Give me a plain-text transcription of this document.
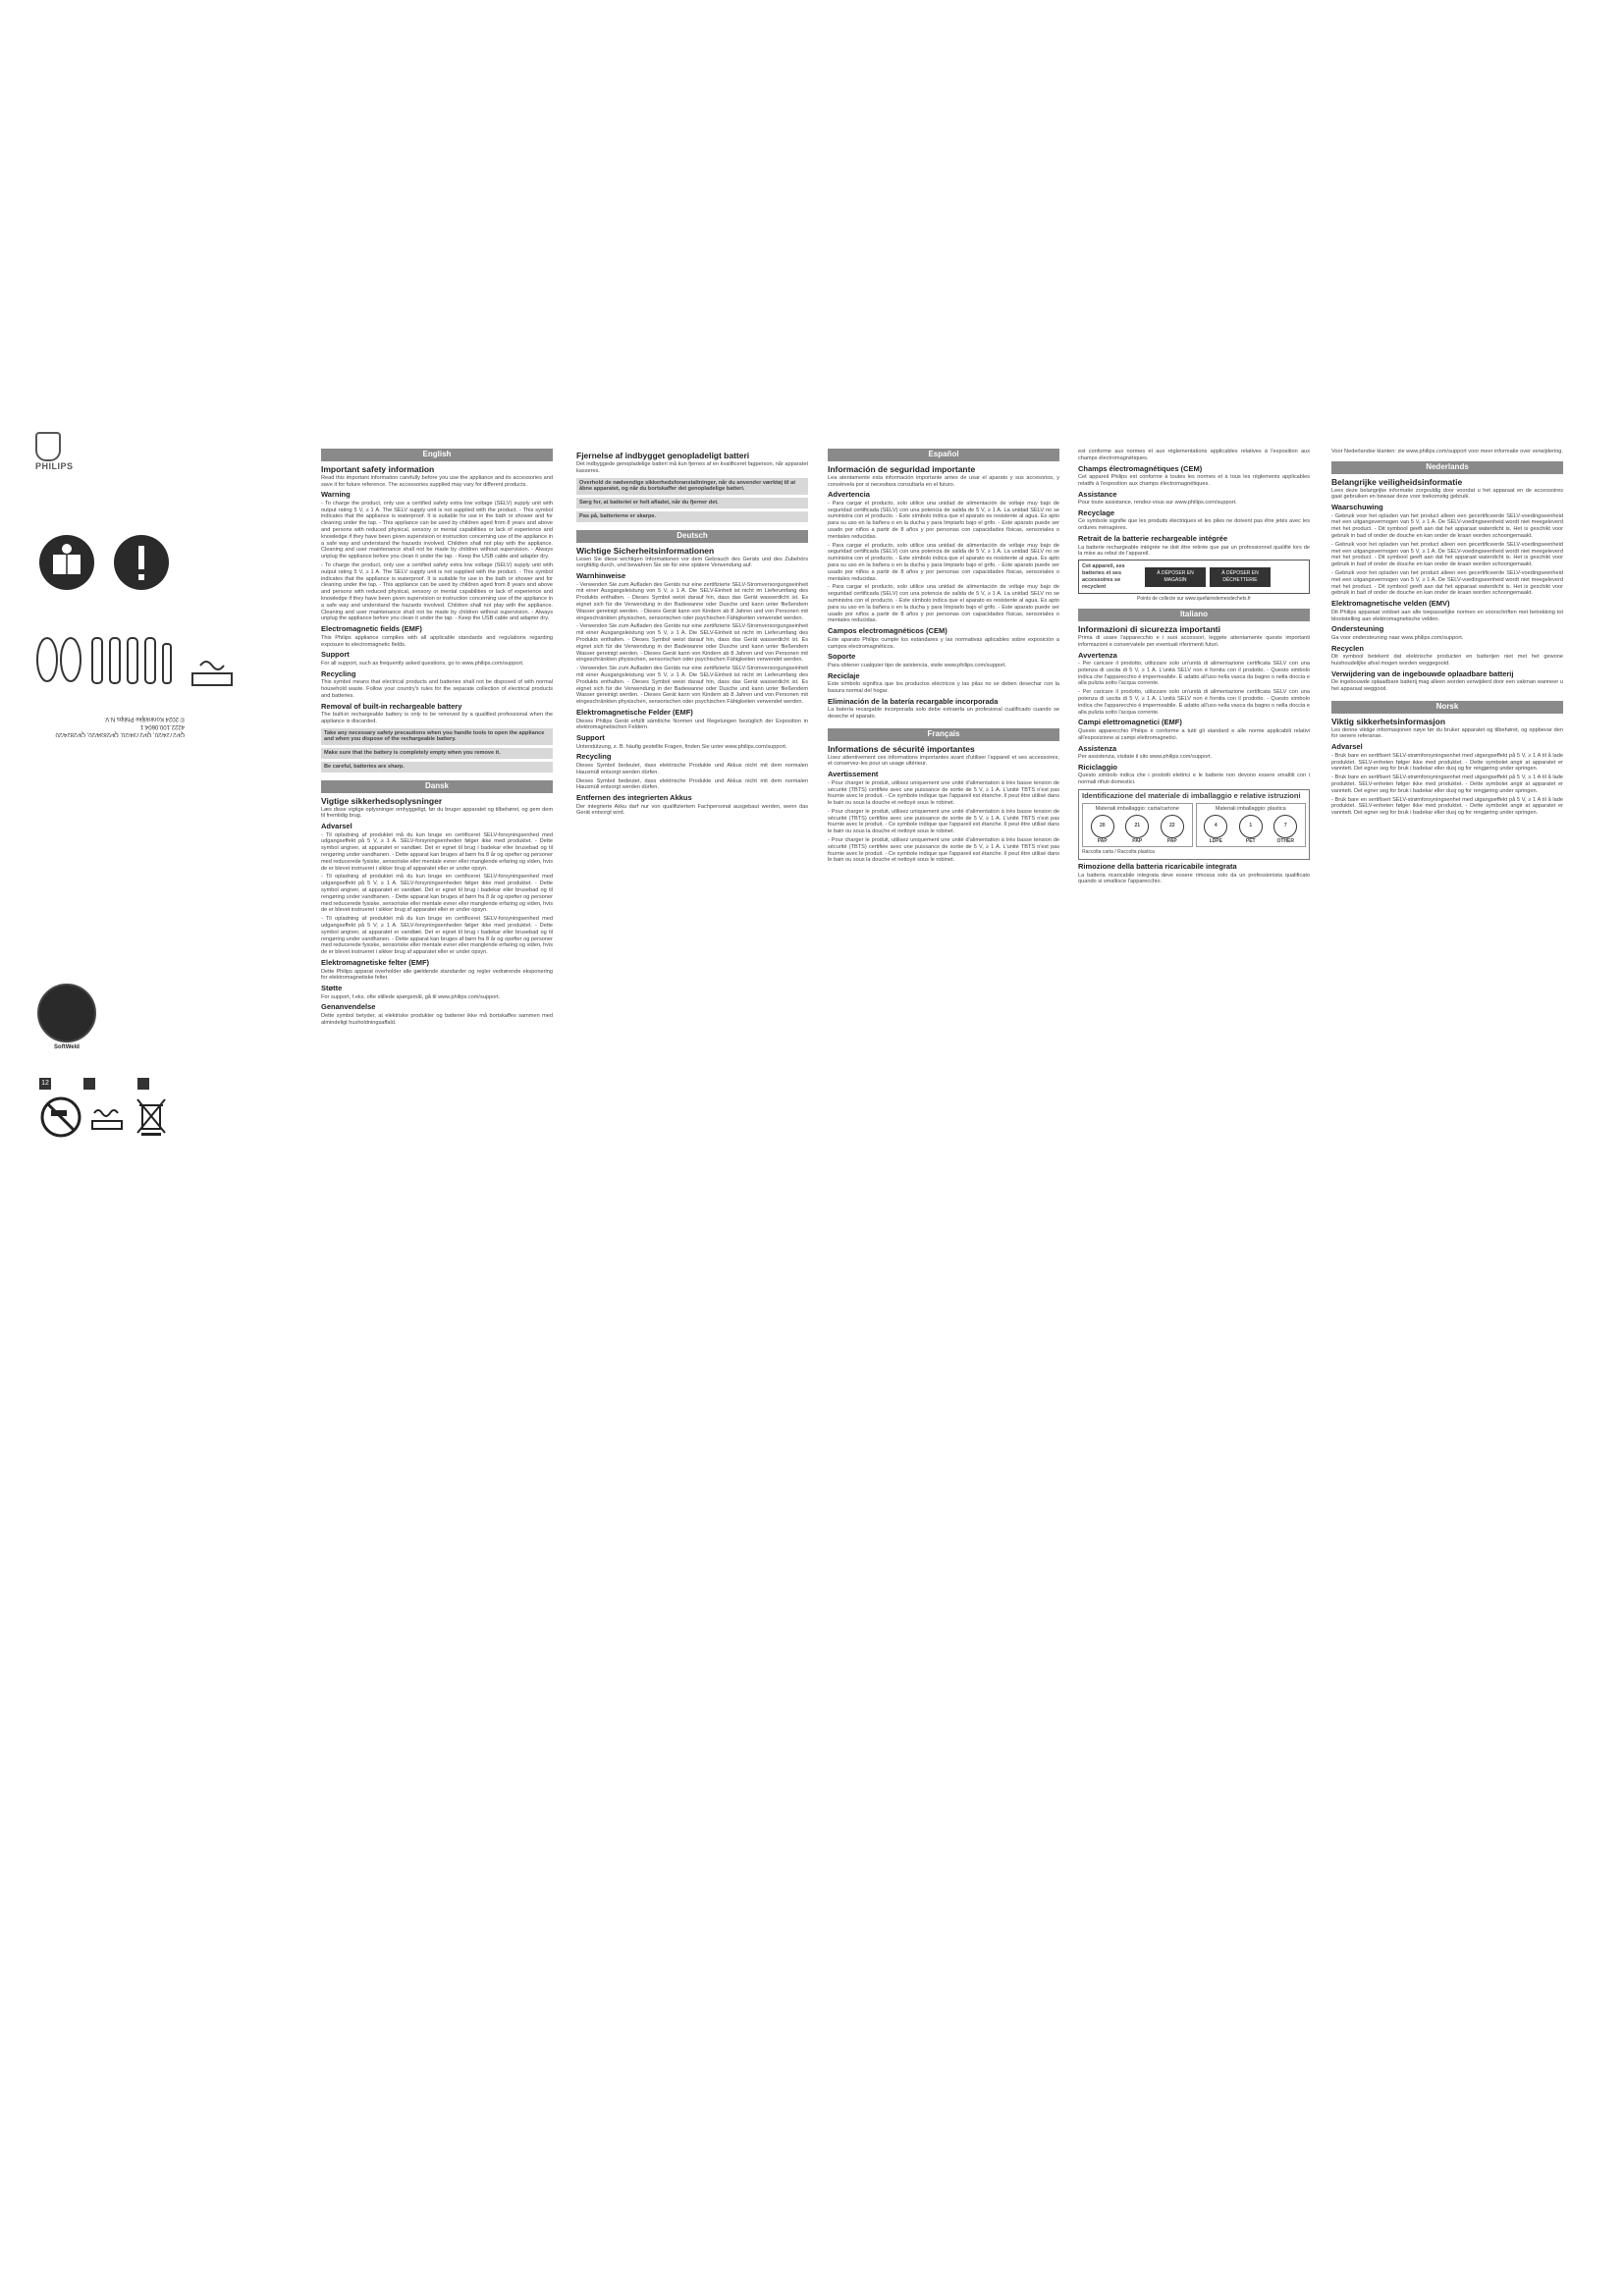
PHILIPS
QP2724/20, QP2734/20, QP2834/20, QP2824/20
4222.100.0604.1
© 2024 Koninklijke Philips N.V.
SoftWeld
12
English
Important safety information

Read this important information carefully before you use the appliance and its accessories and save it for future reference. The accessories supplied may vary for different products.

Warning

- To charge the product, only use a certified safety extra low voltage (SELV) supply unit with output rating 5 V, ≥ 1 A. The SELV supply unit is not supplied with the product. - This symbol indicates that the appliance is waterproof. It is suitable for use in the bath or shower and for cleaning under the tap. - This appliance can be used by children aged from 8 years and above and persons with reduced physical, sensory or mental capabilities or lack of experience and knowledge if they have been given supervision or instruction concerning use of the appliance in a safe way and understand the hazards involved. Children shall not play with the appliance. Cleaning and user maintenance shall not be made by children without supervision. - Always unplug the appliance before you clean it under the tap. - Keep the USB cable and adapter dry.

- To charge the product, only use a certified safety extra low voltage (SELV) supply unit with output rating 5 V, ≥ 1 A. The SELV supply unit is not supplied with the product. - This symbol indicates that the appliance is waterproof. It is suitable for use in the bath or shower and for cleaning under the tap. - This appliance can be used by children aged from 8 years and above and persons with reduced physical, sensory or mental capabilities or lack of experience and knowledge if they have been given supervision or instruction concerning use of the appliance in a safe way and understand the hazards involved. Children shall not play with the appliance. Cleaning and user maintenance shall not be made by children without supervision. - Always unplug the appliance before you clean it under the tap. - Keep the USB cable and adapter dry.

Electromagnetic fields (EMF)

This Philips appliance complies with all applicable standards and regulations regarding exposure to electromagnetic fields.

Support

For all support, such as frequently asked questions, go to www.philips.com/support.

Recycling

This symbol means that electrical products and batteries shall not be disposed of with normal household waste. Follow your country's rules for the separate collection of electrical products and batteries.

Removal of built-in rechargeable battery

The built-in rechargeable battery is only to be removed by a qualified professional when the appliance is discarded.

Take any necessary safety precautions when you handle tools to open the appliance and when you dispose of the rechargeable battery.
Make sure that the battery is completely empty when you remove it.
Be careful, batteries are sharp.
Dansk
Vigtige sikkerhedsoplysninger

Læs disse vigtige oplysninger omhyggeligt, før du bruger apparatet og tilbehøret, og gem dem til fremtidig brug.

Advarsel

- Til opladning af produktet må du kun bruge en certificeret SELV-forsyningsenhed med udgangseffekt på 5 V, ≥ 1 A. SELV-forsyningsenheden følger ikke med produktet. - Dette symbol angiver, at apparatet er vandtæt. Det er egnet til brug i badekar eller brusebad og til rengøring under vandhanen. - Dette apparat kan bruges af børn fra 8 år og opefter og personer med reducerede fysiske, sensoriske eller mentale evner eller manglende erfaring og viden, hvis de er blevet instrueret i sikker brug af apparatet eller er under opsyn.

- Til opladning af produktet må du kun bruge en certificeret SELV-forsyningsenhed med udgangseffekt på 5 V, ≥ 1 A. SELV-forsyningsenheden følger ikke med produktet. - Dette symbol angiver, at apparatet er vandtæt. Det er egnet til brug i badekar eller brusebad og til rengøring under vandhanen. - Dette apparat kan bruges af børn fra 8 år og opefter og personer med reducerede fysiske, sensoriske eller mentale evner eller manglende erfaring og viden, hvis de er blevet instrueret i sikker brug af apparatet eller er under opsyn.

- Til opladning af produktet må du kun bruge en certificeret SELV-forsyningsenhed med udgangseffekt på 5 V, ≥ 1 A. SELV-forsyningsenheden følger ikke med produktet. - Dette symbol angiver, at apparatet er vandtæt. Det er egnet til brug i badekar eller brusebad og til rengøring under vandhanen. - Dette apparat kan bruges af børn fra 8 år og opefter og personer med reducerede fysiske, sensoriske eller mentale evner eller manglende erfaring og viden, hvis de er blevet instrueret i sikker brug af apparatet eller er under opsyn.

Elektromagnetiske felter (EMF)

Dette Philips apparat overholder alle gældende standarder og regler vedrørende eksponering for elektromagnetiske felter.

Støtte

For support, f.eks. ofte stillede spørgsmål, gå til www.philips.com/support.

Genanvendelse

Dette symbol betyder, at elektriske produkter og batterier ikke må bortskaffes sammen med almindeligt husholdningsaffald.

Fjernelse af indbygget genopladeligt batteri

Det indbyggede genopladelige batteri må kun fjernes af en kvalificeret fagperson, når apparatet kasseres.

Overhold de nødvendige sikkerhedsforanstaltninger, når du anvender værktøj til at åbne apparatet, og når du bortskaffer det genopladelige batteri.
Sørg for, at batteriet er helt afladet, når du fjerner det.
Pas på, batterierne er skarpe.
Deutsch
Wichtige Sicherheitsinformationen

Lesen Sie diese wichtigen Informationen vor dem Gebrauch des Geräts und des Zubehörs sorgfältig durch, und bewahren Sie sie für eine spätere Verwendung auf.

Warnhinweise

- Verwenden Sie zum Aufladen des Geräts nur eine zertifizierte SELV-Stromversorgungseinheit mit einer Ausgangsleistung von 5 V, ≥ 1 A. Die SELV-Einheit ist nicht im Lieferumfang des Produkts enthalten. - Dieses Symbol weist darauf hin, dass das Gerät wasserdicht ist. Es eignet sich für die Verwendung in der Badewanne oder Dusche und kann unter fließendem Wasser gereinigt werden. - Dieses Gerät kann von Kindern ab 8 Jahren und von Personen mit eingeschränkten physischen, sensorischen oder psychischen Fähigkeiten verwendet werden.

- Verwenden Sie zum Aufladen des Geräts nur eine zertifizierte SELV-Stromversorgungseinheit mit einer Ausgangsleistung von 5 V, ≥ 1 A. Die SELV-Einheit ist nicht im Lieferumfang des Produkts enthalten. - Dieses Symbol weist darauf hin, dass das Gerät wasserdicht ist. Es eignet sich für die Verwendung in der Badewanne oder Dusche und kann unter fließendem Wasser gereinigt werden. - Dieses Gerät kann von Kindern ab 8 Jahren und von Personen mit eingeschränkten physischen, sensorischen oder psychischen Fähigkeiten verwendet werden.

- Verwenden Sie zum Aufladen des Geräts nur eine zertifizierte SELV-Stromversorgungseinheit mit einer Ausgangsleistung von 5 V, ≥ 1 A. Die SELV-Einheit ist nicht im Lieferumfang des Produkts enthalten. - Dieses Symbol weist darauf hin, dass das Gerät wasserdicht ist. Es eignet sich für die Verwendung in der Badewanne oder Dusche und kann unter fließendem Wasser gereinigt werden. - Dieses Gerät kann von Kindern ab 8 Jahren und von Personen mit eingeschränkten physischen, sensorischen oder psychischen Fähigkeiten verwendet werden.

Elektromagnetische Felder (EMF)

Dieses Philips Gerät erfüllt sämtliche Normen und Regelungen bezüglich der Exposition in elektromagnetischen Feldern.

Support

Unterstützung, z. B. häufig gestellte Fragen, finden Sie unter www.philips.com/support.

Recycling

Dieses Symbol bedeutet, dass elektrische Produkte und Akkus nicht mit dem normalen Hausmüll entsorgt werden dürfen.

Dieses Symbol bedeutet, dass elektrische Produkte und Akkus nicht mit dem normalen Hausmüll entsorgt werden dürfen.

Entfernen des integrierten Akkus

Der integrierte Akku darf nur von qualifiziertem Fachpersonal ausgebaut werden, wenn das Gerät entsorgt wird.

Español
Información de seguridad importante

Lea atentamente esta información importante antes de usar el aparato y sus accesorios, y consérvela por si necesitara consultarla en el futuro.

Advertencia

- Para cargar el producto, solo utilice una unidad de alimentación de voltaje muy bajo de seguridad certificada (SELV) con una potencia de salida de 5 V, ≥ 1 A. La unidad SELV no se suministra con el producto. - Este símbolo indica que el aparato es resistente al agua. Es apto para su uso en la bañera o en la ducha y para limpiarlo bajo el grifo. - Este aparato puede ser usado por niños a partir de 8 años y por personas con capacidades físicas, sensoriales o mentales reducidas.

- Para cargar el producto, solo utilice una unidad de alimentación de voltaje muy bajo de seguridad certificada (SELV) con una potencia de salida de 5 V, ≥ 1 A. La unidad SELV no se suministra con el producto. - Este símbolo indica que el aparato es resistente al agua. Es apto para su uso en la bañera o en la ducha y para limpiarlo bajo el grifo. - Este aparato puede ser usado por niños a partir de 8 años y por personas con capacidades físicas, sensoriales o mentales reducidas.

- Para cargar el producto, solo utilice una unidad de alimentación de voltaje muy bajo de seguridad certificada (SELV) con una potencia de salida de 5 V, ≥ 1 A. La unidad SELV no se suministra con el producto. - Este símbolo indica que el aparato es resistente al agua. Es apto para su uso en la bañera o en la ducha y para limpiarlo bajo el grifo. - Este aparato puede ser usado por niños a partir de 8 años y por personas con capacidades físicas, sensoriales o mentales reducidas.

Campos electromagnéticos (CEM)

Este aparato Philips cumple los estándares y las normativas aplicables sobre exposición a campos electromagnéticos.

Soporte

Para obtener cualquier tipo de asistencia, visite www.philips.com/support.

Reciclaje

Este símbolo significa que los productos eléctricos y las pilas no se deben desechar con la basura normal del hogar.

Eliminación de la batería recargable incorporada

La batería recargable incorporada solo debe extraerla un profesional cualificado cuando se deseche el aparato.

Français
Informations de sécurité importantes

Lisez attentivement ces informations importantes avant d'utiliser l'appareil et ses accessoires, et conservez-les pour un usage ultérieur.

Avertissement

- Pour charger le produit, utilisez uniquement une unité d'alimentation à très basse tension de sécurité (TBTS) certifiée avec une puissance de sortie de 5 V, ≥ 1 A. L'unité TBTS n'est pas fournie avec le produit. - Ce symbole indique que l'appareil est étanche. Il peut être utilisé dans le bain ou sous la douche et nettoyé sous le robinet.

- Pour charger le produit, utilisez uniquement une unité d'alimentation à très basse tension de sécurité (TBTS) certifiée avec une puissance de sortie de 5 V, ≥ 1 A. L'unité TBTS n'est pas fournie avec le produit. - Ce symbole indique que l'appareil est étanche. Il peut être utilisé dans le bain ou sous la douche et nettoyé sous le robinet.

- Pour charger le produit, utilisez uniquement une unité d'alimentation à très basse tension de sécurité (TBTS) certifiée avec une puissance de sortie de 5 V, ≥ 1 A. L'unité TBTS n'est pas fournie avec le produit. - Ce symbole indique que l'appareil est étanche. Il peut être utilisé dans le bain ou sous la douche et nettoyé sous le robinet.

est conforme aux normes et aux réglementations applicables relatives à l'exposition aux champs électromagnétiques.

Champs électromagnétiques (CEM)

Cet appareil Philips est conforme à toutes les normes et à tous les règlements applicables relatifs à l'exposition aux champs électromagnétiques.

Assistance

Pour toute assistance, rendez-vous sur www.philips.com/support.

Recyclage

Ce symbole signifie que les produits électriques et les piles ne doivent pas être jetés avec les ordures ménagères.

Retrait de la batterie rechargeable intégrée

La batterie rechargeable intégrée ne doit être retirée que par un professionnel qualifié lors de la mise au rebut de l'appareil.

Cet appareil, ses batteries et ses accessoires se recyclent
À DÉPOSER EN MAGASIN
À DÉPOSER EN DÉCHETTERIE
Points de collecte sur www.quefairedemesdechets.fr
Italiano
Informazioni di sicurezza importanti

Prima di usare l'apparecchio e i suoi accessori, leggete attentamente queste importanti informazioni e conservatele per eventuali riferimenti futuri.

Avvertenza

- Per caricare il prodotto, utilizzare solo un'unità di alimentazione certificata SELV con una potenza di uscita di 5 V, ≥ 1 A. L'unità SELV non è fornita con il prodotto. - Questo simbolo indica che l'apparecchio è impermeabile. È adatto all'uso nella vasca da bagno o nella doccia e alla pulizia sotto l'acqua corrente.

- Per caricare il prodotto, utilizzare solo un'unità di alimentazione certificata SELV con una potenza di uscita di 5 V, ≥ 1 A. L'unità SELV non è fornita con il prodotto. - Questo simbolo indica che l'apparecchio è impermeabile. È adatto all'uso nella vasca da bagno o nella doccia e alla pulizia sotto l'acqua corrente.

Campi elettromagnetici (EMF)

Questo apparecchio Philips è conforme a tutti gli standard e alle norme applicabili relativi all'esposizione ai campi elettromagnetici.

Assistenza

Per assistenza, visitate il sito www.philips.com/support.

Riciclaggio

Questo simbolo indica che i prodotti elettrici e le batterie non devono essere smaltiti con i normali rifiuti domestici.

Identificazione del materiale di imballaggio e relative istruzioni
Materiali imballaggio: carta/cartone
20
PAP
21
PAP
22
PAP
Materiali imballaggio: plastica
4
LDPE
1
PET
7
OTHER
Raccolta carta / Raccolta plastica
Rimozione della batteria ricaricabile integrata

La batteria ricaricabile integrata deve essere rimossa solo da un professionista qualificato quando si smaltisce l'apparecchio.

Voor Nederlandse klanten: zie www.philips.com/support voor meer informatie over verwijdering.

Nederlands
Belangrijke veiligheidsinformatie

Lees deze belangrijke informatie zorgvuldig door voordat u het apparaat en de accessoires gaat gebruiken en bewaar deze voor toekomstig gebruik.

Waarschuwing

- Gebruik voor het opladen van het product alleen een gecertificeerde SELV-voedingseenheid met een uitgangsvermogen van 5 V, ≥ 1 A. De SELV-voedingseenheid wordt niet meegeleverd met het product. - Dit symbool geeft aan dat het apparaat waterdicht is. Het is geschikt voor gebruik in bad of onder de douche en kan onder de kraan worden schoongemaakt.

- Gebruik voor het opladen van het product alleen een gecertificeerde SELV-voedingseenheid met een uitgangsvermogen van 5 V, ≥ 1 A. De SELV-voedingseenheid wordt niet meegeleverd met het product. - Dit symbool geeft aan dat het apparaat waterdicht is. Het is geschikt voor gebruik in bad of onder de douche en kan onder de kraan worden schoongemaakt.

- Gebruik voor het opladen van het product alleen een gecertificeerde SELV-voedingseenheid met een uitgangsvermogen van 5 V, ≥ 1 A. De SELV-voedingseenheid wordt niet meegeleverd met het product. - Dit symbool geeft aan dat het apparaat waterdicht is. Het is geschikt voor gebruik in bad of onder de douche en kan onder de kraan worden schoongemaakt.

Elektromagnetische velden (EMV)

Dit Philips apparaat voldoet aan alle toepasselijke normen en voorschriften met betrekking tot blootstelling aan elektromagnetische velden.

Ondersteuning

Ga voor ondersteuning naar www.philips.com/support.

Recyclen

Dit symbool betekent dat elektrische producten en batterijen niet met het gewone huishoudelijke afval mogen worden weggegooid.

Verwijdering van de ingebouwde oplaadbare batterij

De ingebouwde oplaadbare batterij mag alleen worden verwijderd door een vakman wanneer u het apparaat weggooit.

Norsk
Viktig sikkerhetsinformasjon

Les denne viktige informasjonen nøye før du bruker apparatet og tilbehøret, og oppbevar den for senere referanse.

Advarsel

- Bruk bare en sertifisert SELV-strømforsyningsenhet med utgangseffekt på 5 V, ≥ 1 A til å lade produktet. SELV-enheten følger ikke med produktet. - Dette symbolet angir at apparatet er vanntett. Det egner seg for bruk i badekar eller dusj og for rengjøring under springen.

- Bruk bare en sertifisert SELV-strømforsyningsenhet med utgangseffekt på 5 V, ≥ 1 A til å lade produktet. SELV-enheten følger ikke med produktet. - Dette symbolet angir at apparatet er vanntett. Det egner seg for bruk i badekar eller dusj og for rengjøring under springen.

- Bruk bare en sertifisert SELV-strømforsyningsenhet med utgangseffekt på 5 V, ≥ 1 A til å lade produktet. SELV-enheten følger ikke med produktet. - Dette symbolet angir at apparatet er vanntett. Det egner seg for bruk i badekar eller dusj og for rengjøring under springen.
